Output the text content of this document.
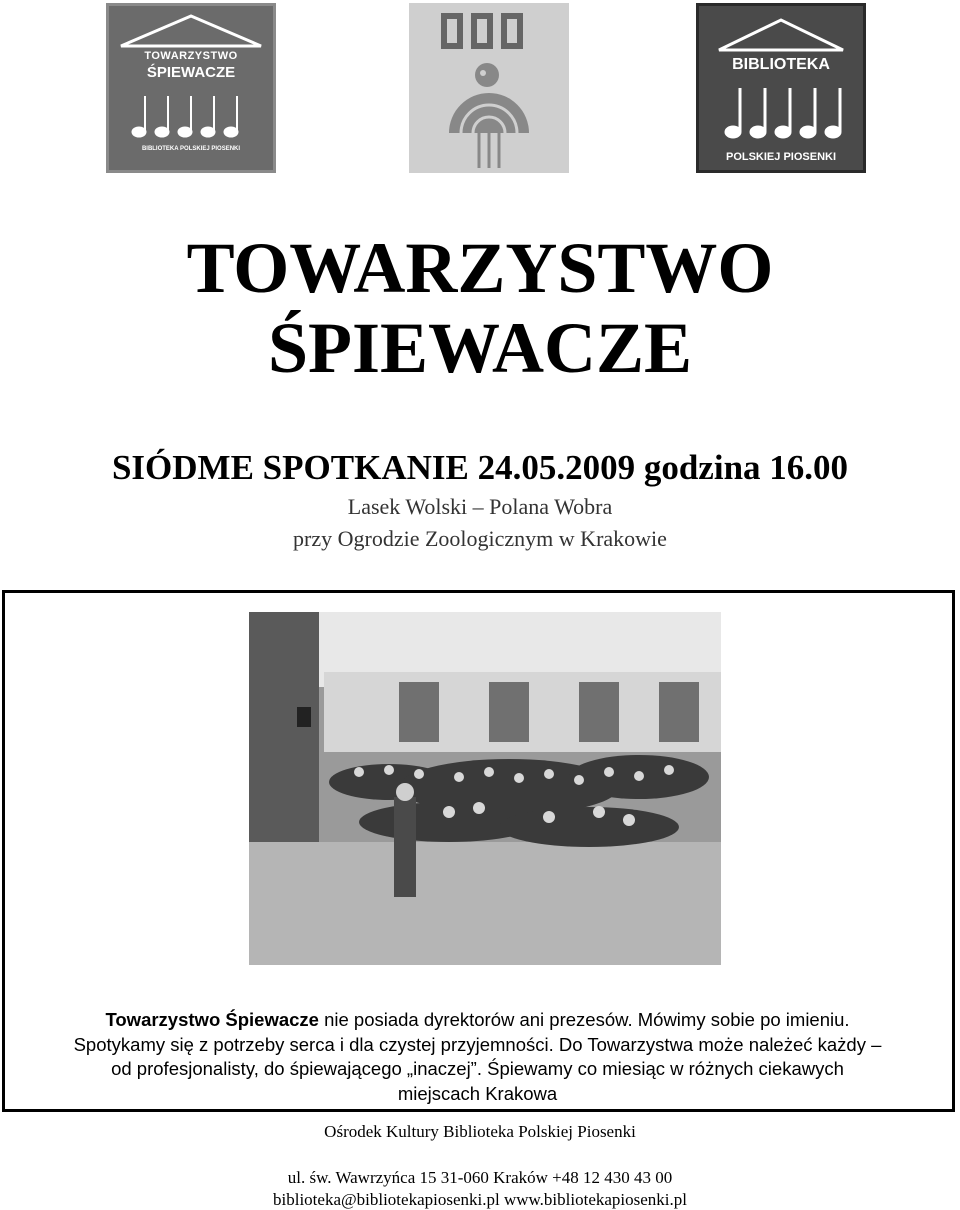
TOWARZYSTWO
ŚPIEWACZE
BIBLIOTEKA POLSKIEJ PIOSENKI
BIBLIOTEKA
POLSKIEJ PIOSENKI
TOWARZYSTWO
ŚPIEWACZE
SIÓDME SPOTKANIE 24.05.2009 godzina 16.00
Lasek Wolski – Polana Wobra
przy Ogrodzie Zoologicznym w Krakowie
Towarzystwo Śpiewacze nie posiada dyrektorów ani prezesów. Mówimy sobie po imieniu.
Spotykamy się z potrzeby serca i dla czystej przyjemności. Do Towarzystwa może należeć każdy –
od profesjonalisty, do śpiewającego „inaczej”. Śpiewamy co miesiąc w różnych ciekawych
miejscach Krakowa
Ośrodek Kultury Biblioteka Polskiej Piosenki
ul. św. Wawrzyńca 15 31-060 Kraków +48 12 430 43 00
biblioteka@bibliotekapiosenki.pl www.bibliotekapiosenki.pl
